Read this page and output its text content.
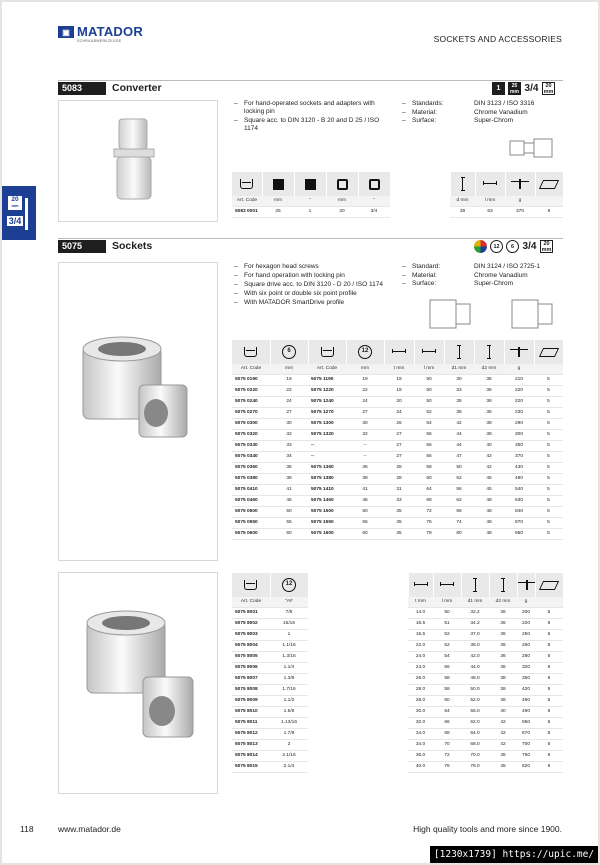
▣ MATADOR
SCHRAUBWERKZEUGE	SOCKETS AND ACCESSORIES
20
mm
3/4
5083	Converter	1	25 mm 3/4	20 mm
– For hand-operated sockets and adapters with locking pin
– Square acc. to DIN 3120 - B 20 and D 25 / ISO 1174
– Standards:	DIN 3123 / ISO 3316
– Material:	Chrome Vanadium
– Surface:	Super-Chrom

Art. Code	mm	"	mm	"		d mm	l mm	g	
5083 0001	25	1	20	3/4		38	63	370	5
5075	Sockets	12	6 3/4	20 mm
– For hexagon head screws
– For hand operation with locking pin
– Square drive acc. to DIN 3120 - D 20 / ISO 1174
– With six point or double six point profile
– With MATADOR SmartDrive profile
– Standard:	DIN 3124 / ISO 2725-1
– Material:	Chrome Vanadium
– Surface:	Super-Chrom
	6		12						
Art. Code	mm	Art. Code	mm	t mm	l mm	d1 mm	d2 mm	g	
5075 0190	19	5075 1190	19	19	50	30	36	210	5
5075 0220	22	5075 1220	22	19	50	33	36	220	5
5075 0240	24	5075 1240	24	20	50	35	36	220	5
5075 0270	27	5075 1270	27	24	52	38	36	230	5
5075 0300	30	5075 1300	30	26	54	42	38	290	5
5075 0320	32	5075 1320	32	27	56	44	38	300	5
5075 0330	33	--	--	27	56	44	40	350	5
5075 0340	34	--	--	27	56	47	42	370	5
5075 0360	36	5075 1360	36	28	58	50	42	430	5
5075 0380	38	5075 1380	38	28	60	52	45	490	5
5075 0410	41	5075 1410	41	31	64	56	45	540	5
5075 0460	46	5075 1460	46	33	68	62	48	630	5
5075 0500	50	5075 1500	50	35	72	68	48	840	5
5075 0550	55	5075 1550	55	35	76	74	48	870	5
5075 0600	60	5075 1600	60	35	78	80	48	950	5
	12							
Art. Code	"AF		t mm	l mm	d1 mm	d2 mm	g	
5075 8001	7/8		14.0	50	32.2	36	200	5
5075 8002	15/16		16.5	51	34.2	36	220	5
5075 8003	1		16.5	52	37.0	36	250	5
5075 8004	1.1/16		22.0	52	38.0	36	260	5
5075 8005	1.3/16		24.0	54	42.0	36	280	5
5075 8006	1.1/4		24.0	56	44.0	36	320	5
5075 8007	1.3/8		26.0	58	48.0	38	350	5
5075 8008	1.7/16		28.0	58	50.0	38	420	5
5075 8009	1.1/2		28.0	60	52.0	38	460	5
5075 8010	1.5/8		30.0	64	56.0	40	490	5
5075 8011	1.13/16		32.0	66	62.0	42	650	5
5075 8012	1.7/8		34.0	68	64.0	42	670	5
5075 8013	2		34.0	70	68.0	42	700	5
5075 8014	2.1/16		36.0	72	70.0	45	750	5
5075 8015	2.1/4		40.0	76	76.0	45	820	5
118	www.matador.de	High quality tools and more since 1900.
[1230x1739] https://upic.me/
